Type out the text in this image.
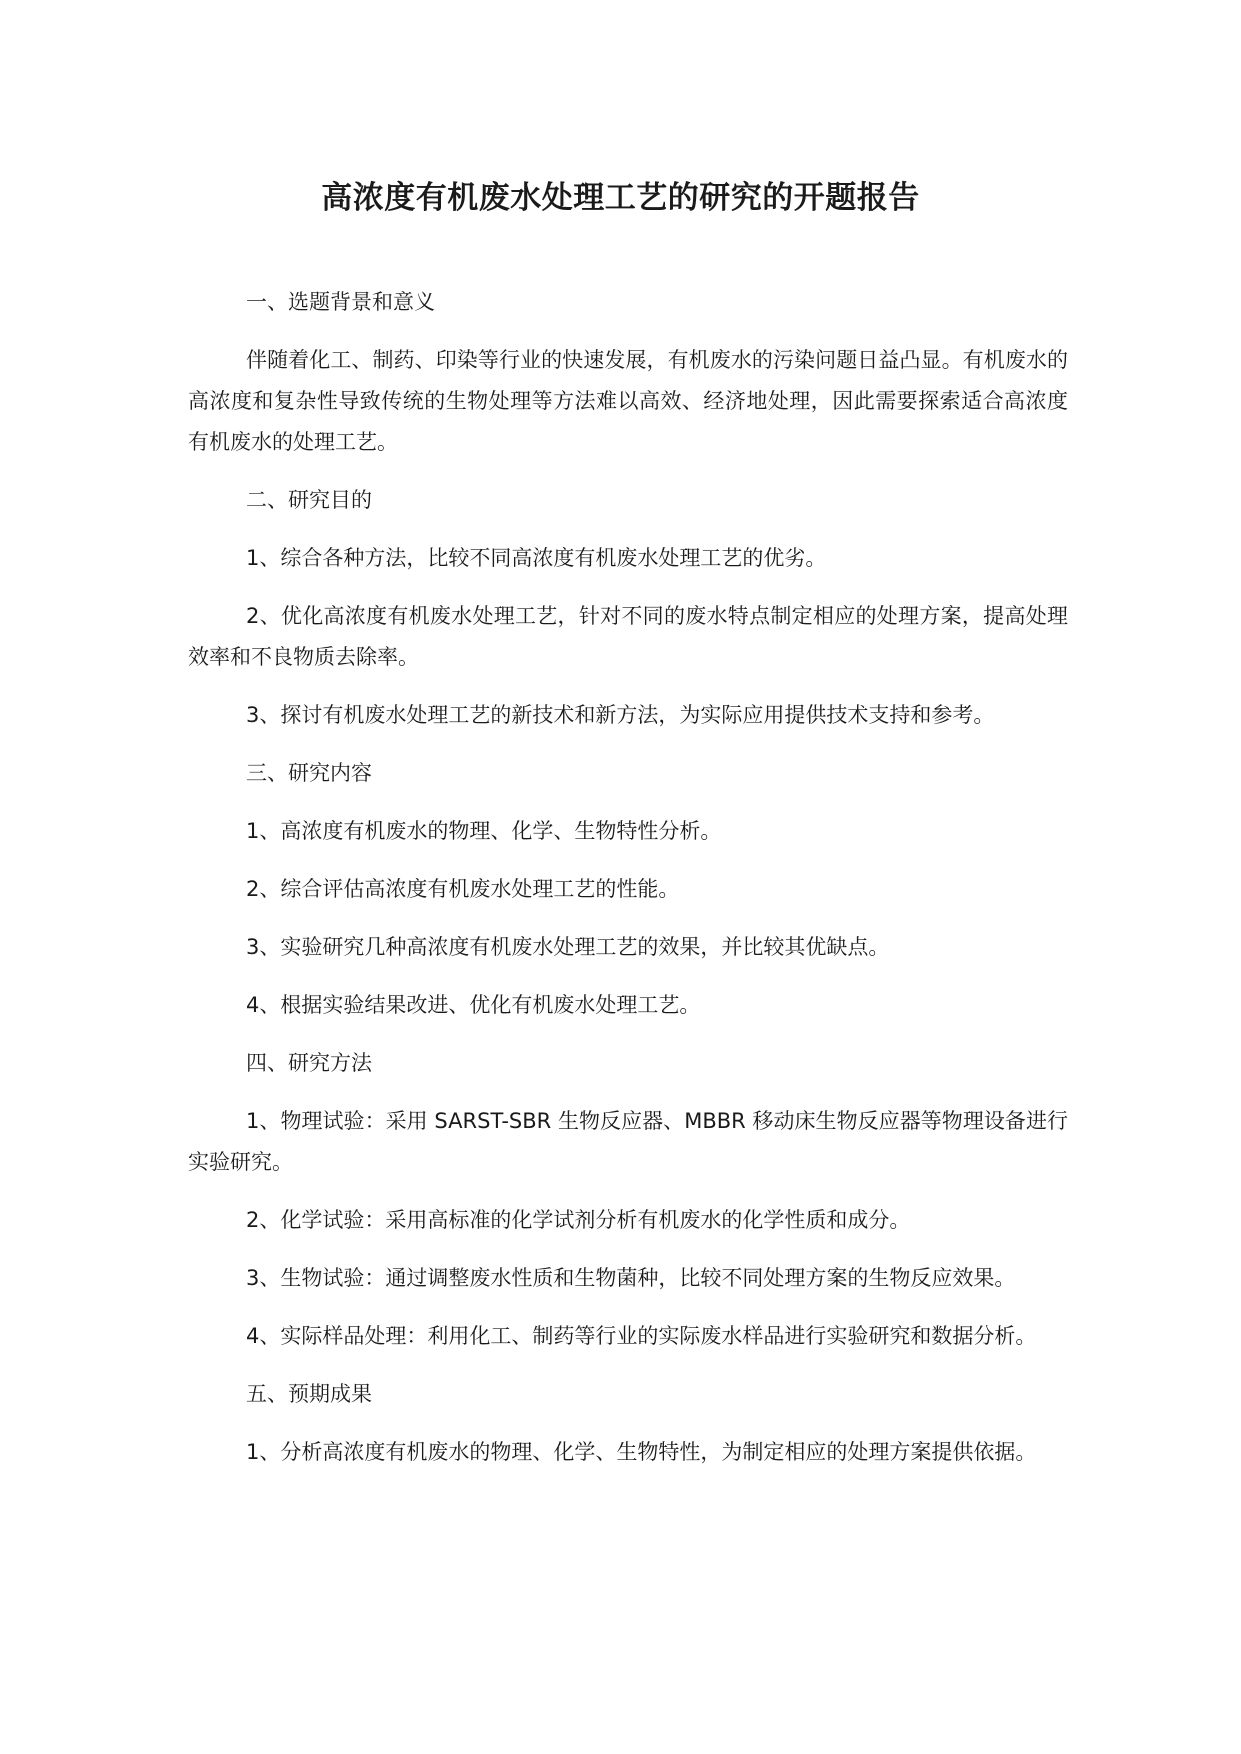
高浓度有机废水处理工艺的研究的开题报告

一、选题背景和意义

伴随着化工、制药、印染等行业的快速发展，有机废水的污染问题日益凸显。有机废水的高浓度和复杂性导致传统的生物处理等方法难以高效、经济地处理，因此需要探索适合高浓度有机废水的处理工艺。

二、研究目的

1、综合各种方法，比较不同高浓度有机废水处理工艺的优劣。

2、优化高浓度有机废水处理工艺，针对不同的废水特点制定相应的处理方案，提高处理效率和不良物质去除率。

3、探讨有机废水处理工艺的新技术和新方法，为实际应用提供技术支持和参考。

三、研究内容

1、高浓度有机废水的物理、化学、生物特性分析。

2、综合评估高浓度有机废水处理工艺的性能。

3、实验研究几种高浓度有机废水处理工艺的效果，并比较其优缺点。

4、根据实验结果改进、优化有机废水处理工艺。

四、研究方法

1、物理试验：采用 SARST-SBR 生物反应器、MBBR 移动床生物反应器等物理设备进行实验研究。

2、化学试验：采用高标准的化学试剂分析有机废水的化学性质和成分。

3、生物试验：通过调整废水性质和生物菌种，比较不同处理方案的生物反应效果。

4、实际样品处理：利用化工、制药等行业的实际废水样品进行实验研究和数据分析。

五、预期成果

1、分析高浓度有机废水的物理、化学、生物特性，为制定相应的处理方案提供依据。
